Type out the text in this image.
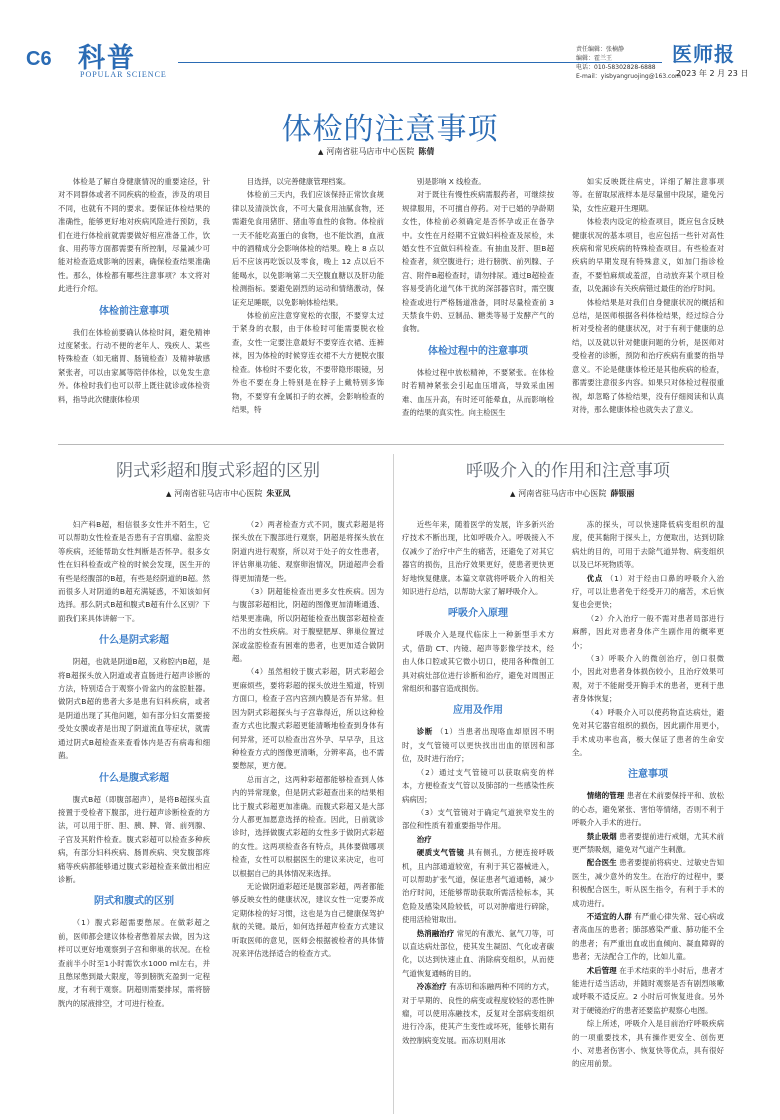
C6 科普
POPULAR SCIENCE
责任编辑：张楠静
编辑：霍兰王
电话：010-58302828-6888
E-mail：yisbyangruojing@163.com
医师报
2023 年 2 月 23 日
体检的注意事项
▲ 河南省驻马店市中心医院 陈倩

体检是了解自身健康情况的重要途径，针对不同群体或者不同疾病的检查，涉及的项目不同，也就有不同的要求。要保证体检结果的准确性，能够更好地对疾病风险进行预防，我们在进行体检前就需要做好相应准备工作，饮食、用药等方面都需要有所控制，尽量减少可能对检查造成影响的因素，确保检查结果准确性。那么，体检都有哪些注意事项？本文将对此进行介绍。

体检前注意事项

我们在体检前要确认体检时间，避免精神过度紧张。行动不便的老年人、残疾人、某些特殊检查（如无痛胃、肠镜检查）及精神敏感紧张者，可以由家属等陪伴体检，以免发生意外。体检时我们也可以带上既往就诊或体检资料，指导此次健康体检项

目选择，以完善健康管理档案。

体检前三天内，我们应该保持正常饮食规律以及清淡饮食，不可大量食用油腻食物，还需避免食用猪肝、猪血等血性的食物。体检前一天不能吃高蛋白的食物，也不能饮酒，血液中的酒精成分会影响体检的结果。晚上 8 点以后不应该再吃饭以及零食，晚上 12 点以后不能喝水，以免影响第二天空腹血糖以及肝功能检测指标。要避免剧烈的运动和情绪激动，保证充足睡眠，以免影响体检结果。

体检前应注意穿宽松的衣服，不要穿太过于紧身的衣服，由于体检时可能需要脱衣检查，女性一定要注意最好不要穿连衣裙、连裤袜，因为体检的时候穿连衣裙不大方便脱衣服检查。体检时不要化妆，不要带隐形眼镜，另外也不要在身上特别是在脖子上戴特别多饰物，不要穿有金属扣子的衣裤，会影响检查的结果，特

别是影响 X 线检查。

对于既往有慢性疾病需服药者，可继续按规律服用，不可擅自停药。对于已婚的孕龄期女性，体检前必须确定是否怀孕或正在备孕中。女性在月经期不宜做妇科检查及尿检，未婚女性不宜做妇科检查。有抽血及肝、胆B超检查者，须空腹进行；进行膀胱、前列腺、子宫、附件B超检查时，请勿排尿。通过B超检查容易受消化道气体干扰的深部器官时，需空腹检查或进行严格肠道准备，同时尽量检查前 3 天禁食牛奶、豆制品、糖类等易于发酵产气的食物。

体检过程中的注意事项

体检过程中放松精神，不要紧张。在体检时若精神紧张会引起血压增高，导致采血困难、血压升高，有时还可能晕血，从而影响检查的结果的真实性。向主检医生

如实反映既往病史，详细了解注意事项等。在留取尿液样本是尽量留中段尿，避免污染，女性应避开生理期。

体检表内设定的检查项目，既应包含反映健康状况的基本项目，也应包括一些针对高性疾病和常见疾病的特殊检查项目。有些检查对疾病的早期发现有特殊意义，如加门指诊检查，不要怕麻烦或羞涩，自动放弃某个项目检查，以免漏诊有关疾病错过最佳的治疗时间。

体检结果是对我们自身健康状况的概括和总结，是医师根据各科体检结果，经过综合分析对受检者的健康状况，对于有利于健康的总结，以及就以针对健康问题的分析，是医师对受检者的诊断，预防和治疗疾病有重要的指导意义。不论是健康体检还是其他疾病的检查，都需要注意很多内容。如果只对体检过程很重视，却忽略了体检结果，没有仔细阅读和认真对待，那么健康体检也就失去了意义。

阴式彩超和腹式彩超的区别
▲ 河南省驻马店市中心医院 朱亚凤

妇产科B超，相信很多女性并不陌生，它可以帮助女性检查是否患有子宫肌瘤、盆腔炎等疾病，还能帮助女性判断是否怀孕。很多女性在妇科检查或产检的时候会发现，医生开的有些是经腹部的B超，有些是经阴道的B超。然而很多人对阴道的B超充满疑惑，不知该如何选择。那么阴式B超和腹式B超有什么区别？下面我们来具体讲解一下。

什么是阴式彩超

阴超，也就是阴道B超，又称腔内B超，是将B超探头放入阴道或者直肠进行超声诊断的方法，特别适合于观察小骨盆内的盆腔脏器。做阴式B超的患者大多是患有妇科疾病，或者是阴道出现了其他问题，如有部分妇女需要接受处女膜或者是出现了阴道流血等症状，就需通过阴式B超检查来查看体内是否有病毒和细菌。

什么是腹式彩超

腹式B超（即腹部超声），是将B超探头直接置于受检者下腹部，进行超声诊断检查的方法，可以用于肝、胆、胰、脾、肾、前列腺、子宫及其附件检查。腹式彩超可以检查多种疾病，有部分妇科疾病、肠胃疾病、突发腹部疼痛等疾病都能够通过腹式彩超检查来做出相应诊断。

阴式和腹式的区别

（1）腹式彩超需要憋尿。在做彩超之前，医师都会建议体检者憋着尿去做，因为这样可以更好地观察到子宫和卵巢的状况。在检查前半小时至1小时需饮水1000 ml左右，并且憋尿憋到最大限度，等到膀胱充盈到一定程度，才有利于观察。阴超则需要排尿，需将膀胱内的尿液排空，才可进行检查。

（2）两者检查方式不同，腹式彩超是将探头放在下腹部进行观察，阴超是将探头放在阴道内进行观察，所以对于处子的女性患者，评估卵巢功能、观察卵泡情况，阴道超声会看得更加清楚一些。

（3）阴超能检查出更多女性疾病。因为与腹部彩超相比，阴超的图像更加清晰通透、结果更准确，所以阴超能检查出腹部彩超检查不出的女性疾病。对于腹壁肥厚、卵巢位置过深或盆腔检查有困难的患者，也更加适合做阴超。

（4）虽然相较于腹式彩超，阴式彩超会更麻烦些，要将彩超的探头放进生殖道，特别方面口，检查子宫内宫颈内膜是否有异常。但因为阴式彩超探头与子宫靠得近，所以这种检查方式也比腹式彩超更能清晰地检查到身体有何异常，还可以检查出宫外孕、早早孕，且这种检查方式的图像更清晰，分辨率高，也不需要憋尿，更方便。

总而言之，这两种彩超都能够检查到人体内的异常现象，但是阴式彩超查出来的结果相比于腹式彩超更加准确。而腹式彩超又是大部分人都更加愿意选择的检查。因此，日前就诊诊时，选择做腹式彩超的女性多于做阴式彩超的女性。这两项检查各有特点，具体要做哪项检查，女性可以根据医生的建议来决定，也可以根据自己的具体情况来选择。

无论做阴道彩超还是腹部彩超，两者都能够反映女性的健康状况，建议女性一定要养成定期体检的好习惯，这也是为自己健康保驾护航的关键。最后，如何选择超声检查方式建议听取医师的意见，医师会根据被检者的具体情况来评估选择适合的检查方式。

呼吸介入的作用和注意事项
▲ 河南省驻马店市中心医院 薛银丽

近些年来，随着医学的发展，许多新兴治疗技术不断出现，比如呼吸介入。呼吸接入不仅减少了治疗中产生的痛苦，还避免了对其它器官的损伤，且治疗效果更好，使患者更快更好地恢复健康。本篇文章就将呼吸介入的相关知识进行总结，以帮助大家了解呼吸介入。

呼吸介入原理

呼吸介入是现代临床上一种新型手术方式，借助 CT、内镜、超声等影像学技术，经由人体口腔或其它微小切口，使用各种微创工具对病灶部位进行诊断和治疗，避免对周围正常组织和器官造成损伤。

应用及作用

诊断 （1）当患者出现咯血却原因不明时，支气管镜可以更快找出出血的原因和部位，及时进行治疗；

（2）通过支气管镜可以获取病变的样本，方便检查支气管以及肺部的一些感染性疾病病因；

（3）支气管镜对于确定气道狭窄发生的部位和性质有着重要指导作用。

治疗

硬质支气管镜 具有侧孔，方便连接呼吸机，且内部通道较宽，有利于其它器械进入，可以帮助扩张气道，保证患者气道通畅，减少治疗时间，还能够帮助获取所需活检标本，其危险及感染风险较低，可以对肿瘤进行碎除，使用活检钳取出。

热消融治疗 常见的有激光、氩气刀等，可以直达病灶部位，使其发生凝固、气化或者碳化，以达到快速止血、消除病变组织，从而使气道恢复通畅的目的。

冷冻治疗 有冻切和冻融两种不同的方式，对于早期的、良性的病变或程度较轻的恶性肿瘤，可以使用冻融技术，反复对全部病变组织进行冷冻，使其产生变性或坏死，能够长期有效控制病变发展。而冻切则用冰

冻的探头，可以快速降低病变组织的温度，使其黏附于探头上，方便取出，达到切除病灶的目的，可用于去除气道异物、病变组织以及已坏死物质等。

优点 （1）对于经由口鼻的呼吸介入治疗，可以让患者免于经受开刀的痛苦，术后恢复也会更快；

（2）介入治疗一般不需对患者局部进行麻醉，因此对患者身体产生副作用的概率更小；

（3）呼吸介入的微创治疗，创口很微小，因此对患者身体损伤较小，且治疗效果可观，对于不能耐受开胸手术的患者，更利于患者身体恢复；

（4）呼吸介入可以使药物直达病灶，避免对其它器官组织的损伤，因此副作用更小，手术成功率也高，极大保证了患者的生命安全。

注意事项

情绪的管理 患者在术前要保持平和、放松的心态，避免紧张、害怕等情绪，否则不利于呼吸介入手术的进行。

禁止吸烟 患者要提前进行戒烟，尤其术前更严禁吸烟，避免对气道产生刺激。

配合医生 患者要提前将病史、过敏史告知医生，减少意外的发生。在治疗的过程中，要积极配合医生，听从医生指令，有利于手术的成功进行。

不适宜的人群 有严重心律失常、冠心病或者高血压的患者；肺部感染严重、肺功能不全的患者；有严重出血或出血倾向、凝血障碍的患者；无法配合工作的，比如儿童。

术后管理 在手术结束的半小时后，患者才能进行适当活动，并随时观察是否有剧烈咳嗽或呼吸不适反应。2 小时后可恢复进食。另外对于硬镜治疗的患者还要监护观察心电图。

综上所述，呼吸介入是目前治疗呼吸疾病的一项重要技术，具有操作更安全、创伤更小、对患者伤害小、恢复快等优点，具有很好的应用前景。
